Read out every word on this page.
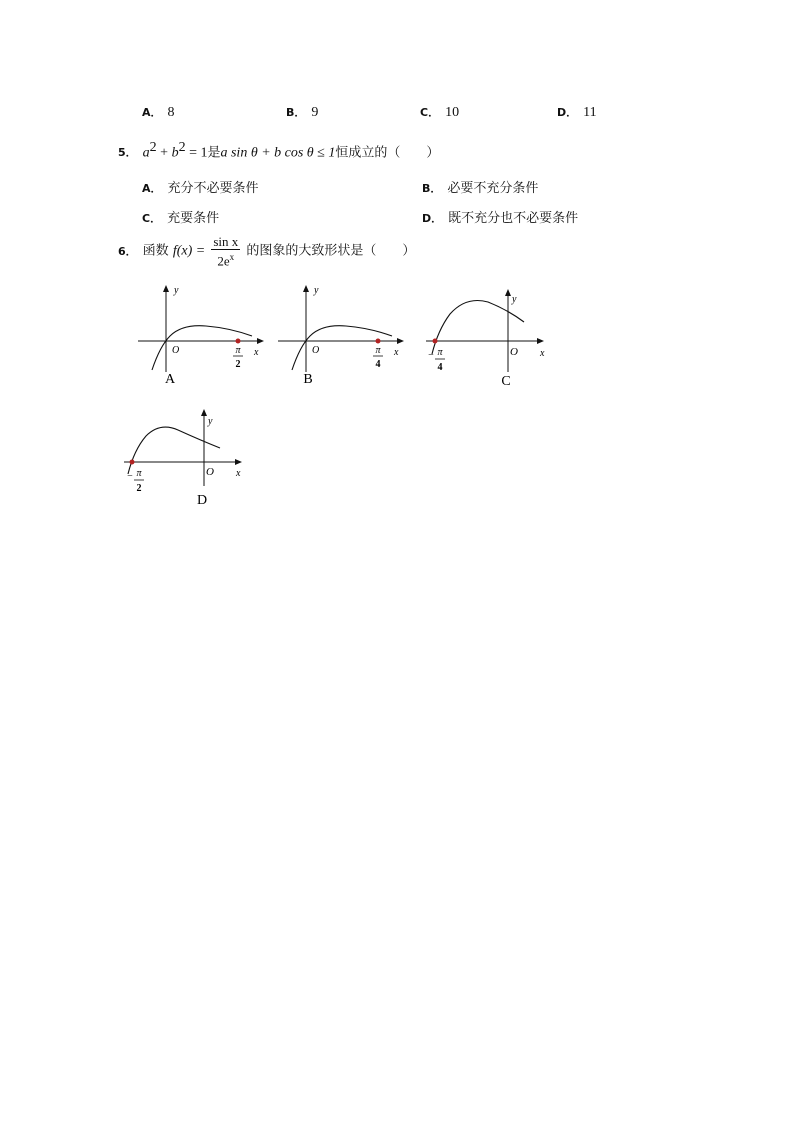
A． 8	B． 9	C． 10	D． 11
5． $a^2 + b^2 = 1$是a sin θ + b cos θ ≤ 1恒成立的（　　）
A． 充分不必要条件	B． 必要不充分条件
C． 充要条件	D． 既不充分也不必要条件
6． 函数 $f(x) = \frac{\text{sin x}}{2e^x}$ 的图象的大致形状是（　　）
y
x
O	π
2
A
y
x
O	π
4
B
y
x
O
− π
4
C
y
x
O
− π
2
D
